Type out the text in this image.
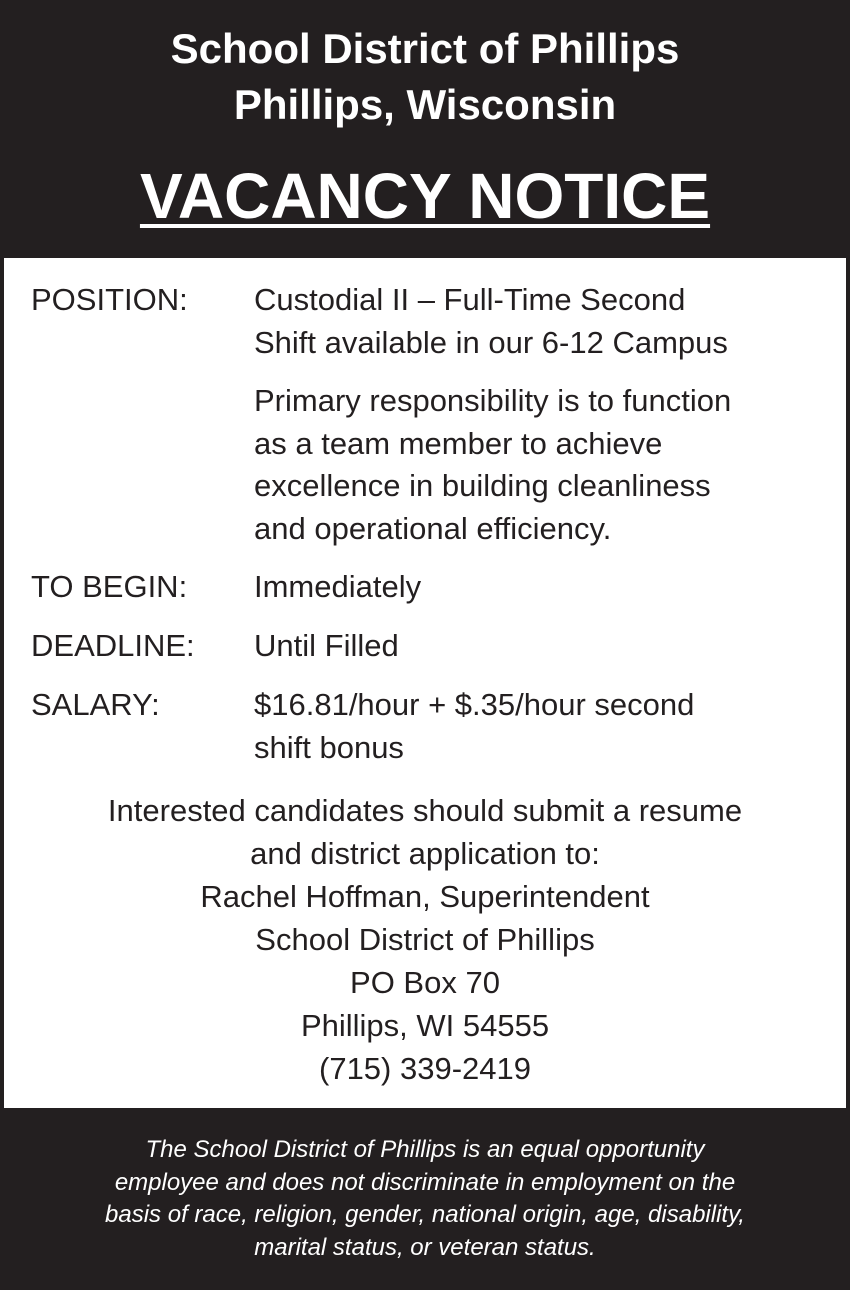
School District of Phillips
Phillips, Wisconsin
VACANCY NOTICE
POSITION: Custodial II – Full-Time Second
Shift available in our 6-12 Campus
Primary responsibility is to function
as a team member to achieve
excellence in building cleanliness
and operational efficiency.
TO BEGIN: Immediately
DEADLINE: Until Filled
SALARY:	$16.81/hour + $.35/hour second
shift bonus
Interested candidates should submit a resume
and district application to:
Rachel Hoffman, Superintendent
School District of Phillips
PO Box 70
Phillips, WI 54555
(715) 339-2419
The School District of Phillips is an equal opportunity
employee and does not discriminate in employment on the
basis of race, religion, gender, national origin, age, disability,
marital status, or veteran status.
